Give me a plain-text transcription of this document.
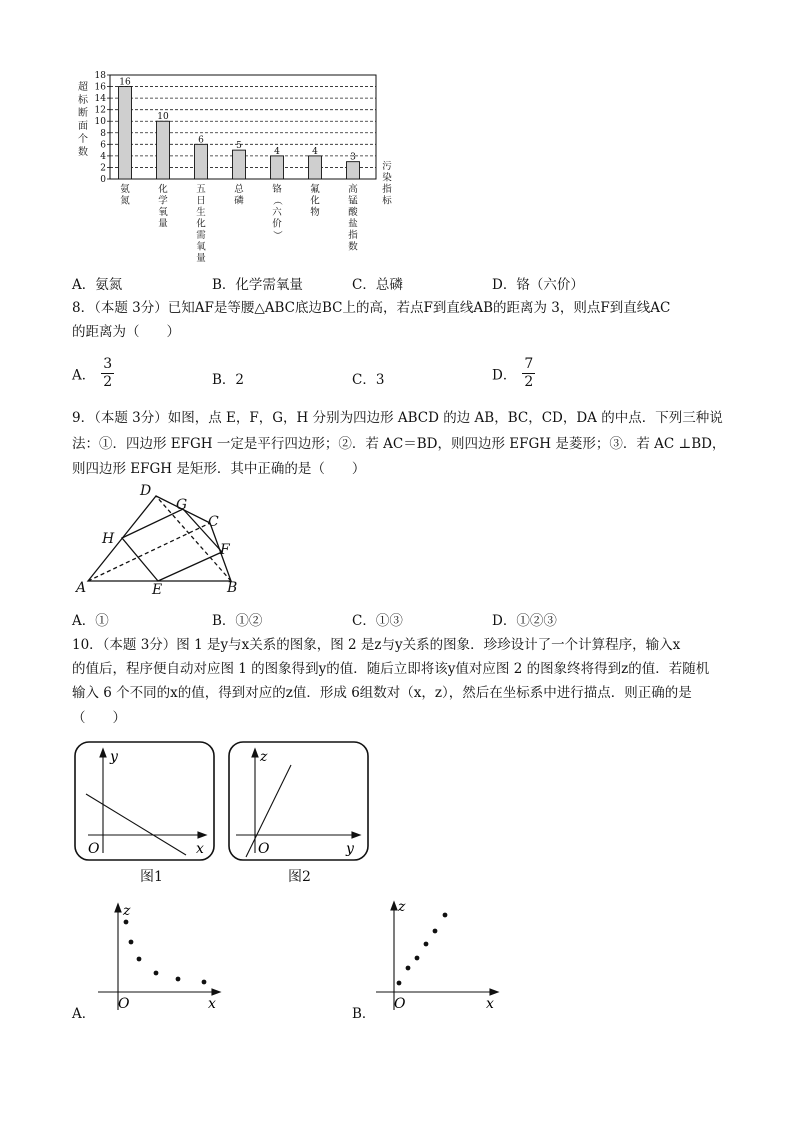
超
标
断
面
个
数
0
2
4
6
8
10
12
14
16
18
16
10
6
5
4	4
3
氨
氮
化
学
氧
量
五
日
生
化
需
氧
量
总
磷
铬
（
六
价
）
氟
化
物
高
锰
酸
盐
指
数
污
染
指
标
A．氨氮	B．化学需氧量	C．总磷	D．铬（六价）
8．（本题 3分）已知AF是等腰△ABC底边BC上的高，若点F到直线AB的距离为 3，则点F到直线AC
的距离为（　　）
A． $\frac{3}{2}$	B．2	C．3	D． $\frac{7}{2}$
9．（本题 3分）如图，点 E，F，G，H 分别为四边形 ABCD 的边 AB，BC，CD，DA 的中点．下列三种说
法：①．四边形 EFGH 一定是平行四边形；②．若 AC＝BD，则四边形 EFGH 是菱形；③．若 AC ⊥BD，
则四边形 EFGH 是矩形．其中正确的是（　　）
A	B
C
D
E
F
G
H
A．①	B．①②	C．①③	D．①②③
10．（本题 3分）图 1 是y与x关系的图象，图 2 是z与y关系的图象．珍珍设计了一个计算程序，输入x
的值后，程序便自动对应图 1 的图象得到y的值．随后立即将该y值对应图 2 的图象终将得到z的值．若随机
输入 6 个不同的x的值，得到对应的z值．形成 6组数对（x，z），然后在坐标系中进行描点．则正确的是
（　　）
y
x
O
图1
z
y
O
图2
A．
z
x
O
B．
z
x
O
